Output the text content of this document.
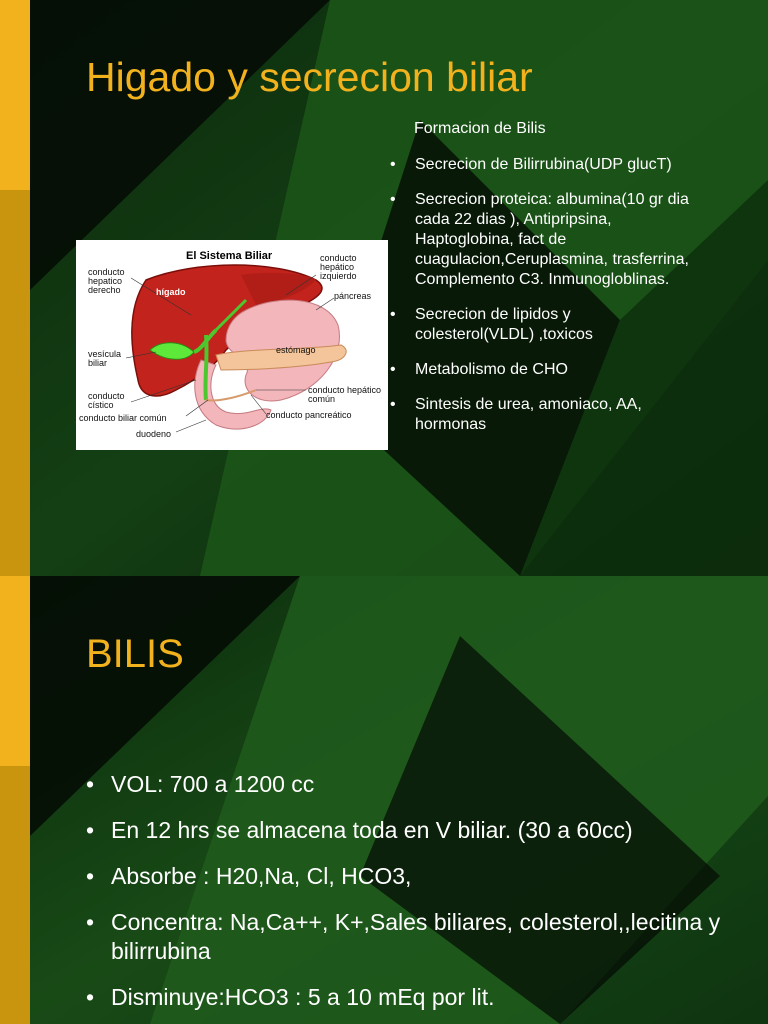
Higado y secrecion biliar
Formacion de Bilis
El Sistema Biliar
conducto hepatico derecho	hígado
conducto hepático izquierdo
páncreas
estómago
vesícula biliar
conducto hepático común
conducto cístico
conducto biliar común	conducto pancreático
duodeno
• Secrecion de Bilirrubina(UDP glucT)
• Secrecion proteica: albumina(10 gr dia cada 22 dias ), Antipripsina, Haptoglobina, fact de cuagulacion,Ceruplasmina, trasferrina, Complemento C3. Inmunogloblinas.
• Secrecion de lipidos y colesterol(VLDL) ,toxicos
• Metabolismo de CHO
• Sintesis de urea, amoniaco, AA, hormonas
BILIS
• VOL: 700 a 1200 cc
• En 12 hrs se almacena toda en V biliar. (30 a 60cc)
• Absorbe : H20,Na, Cl, HCO3,
• Concentra: Na,Ca++, K+,Sales biliares, colesterol,,lecitina y bilirrubina
• Disminuye:HCO3 : 5 a 10 mEq por lit.
